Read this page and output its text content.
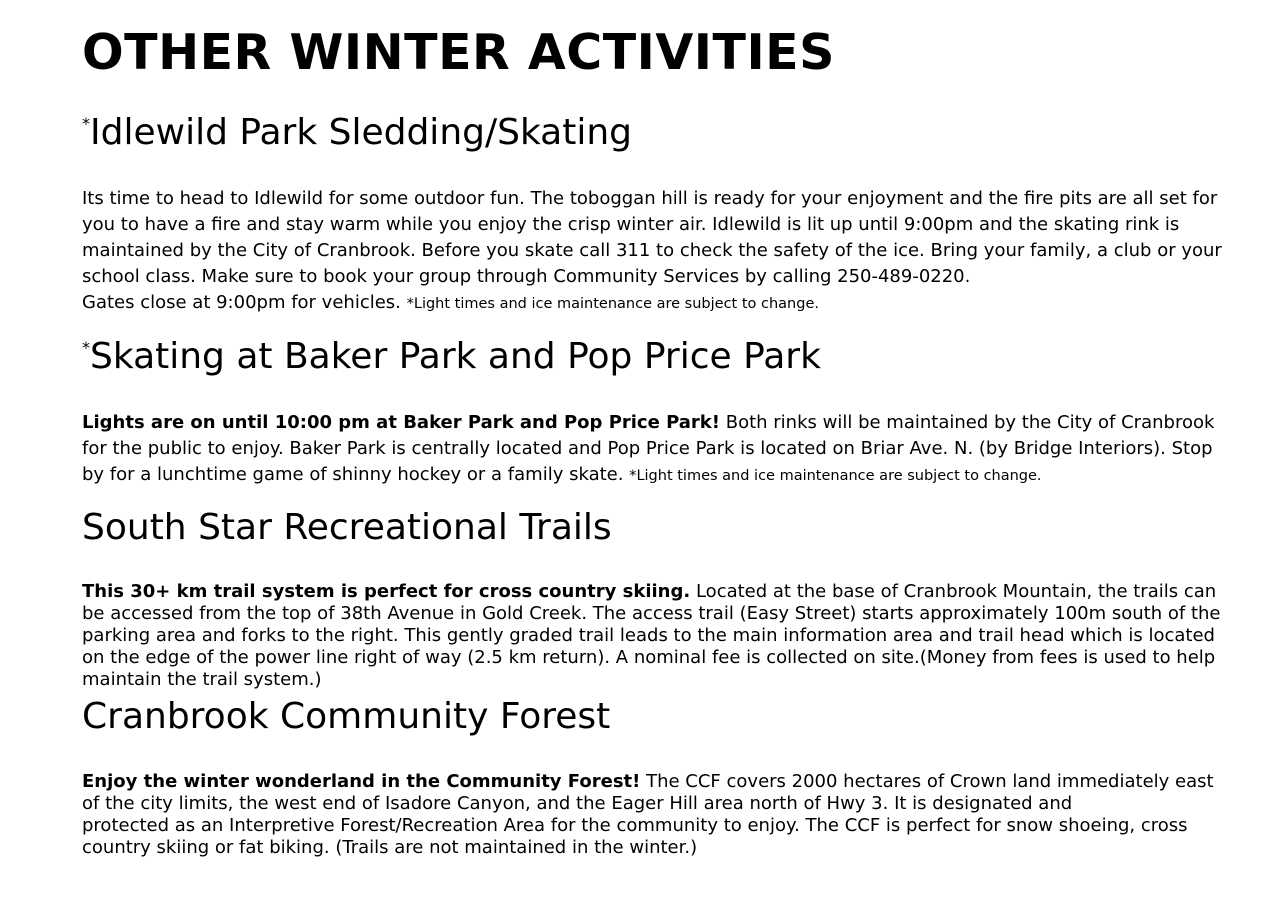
OTHER WINTER ACTIVITIES
*Idlewild Park Sledding/Skating

Its time to head to Idlewild for some outdoor fun. The toboggan hill is ready for your enjoyment and the fire pits are all set for you to have a fire and stay warm while you enjoy the crisp winter air. Idlewild is lit up until 9:00pm and the skating rink is maintained by the City of Cranbrook. Before you skate call 311 to check the safety of the ice. Bring your family, a club or your school class. Make sure to book your group through Community Services by calling 250-489-0220.
Gates close at 9:00pm for vehicles. *Light times and ice maintenance are subject to change.

*Skating at Baker Park and Pop Price Park

Lights are on until 10:00 pm at Baker Park and Pop Price Park! Both rinks will be maintained by the City of Cranbrook for the public to enjoy. Baker Park is centrally located and Pop Price Park is located on Briar Ave. N. (by Bridge Interiors). Stop by for a lunchtime game of shinny hockey or a family skate. *Light times and ice maintenance are subject to change.

South Star Recreational Trails

This 30+ km trail system is perfect for cross country skiing. Located at the base of Cranbrook Mountain, the trails can be accessed from the top of 38th Avenue in Gold Creek. The access trail (Easy Street) starts approximately 100m south of the parking area and forks to the right. This gently graded trail leads to the main information area and trail head which is located on the edge of the power line right of way (2.5 km return). A nominal fee is collected on site.(Money from fees is used to help maintain the trail system.)

Cranbrook Community Forest

Enjoy the winter wonderland in the Community Forest! The CCF covers 2000 hectares of Crown land immediately east of the city limits, the west end of Isadore Canyon, and the Eager Hill area north of Hwy 3. It is designated and
protected as an Interpretive Forest/Recreation Area for the community to enjoy. The CCF is perfect for snow shoeing, cross country skiing or fat biking. (Trails are not maintained in the winter.)
